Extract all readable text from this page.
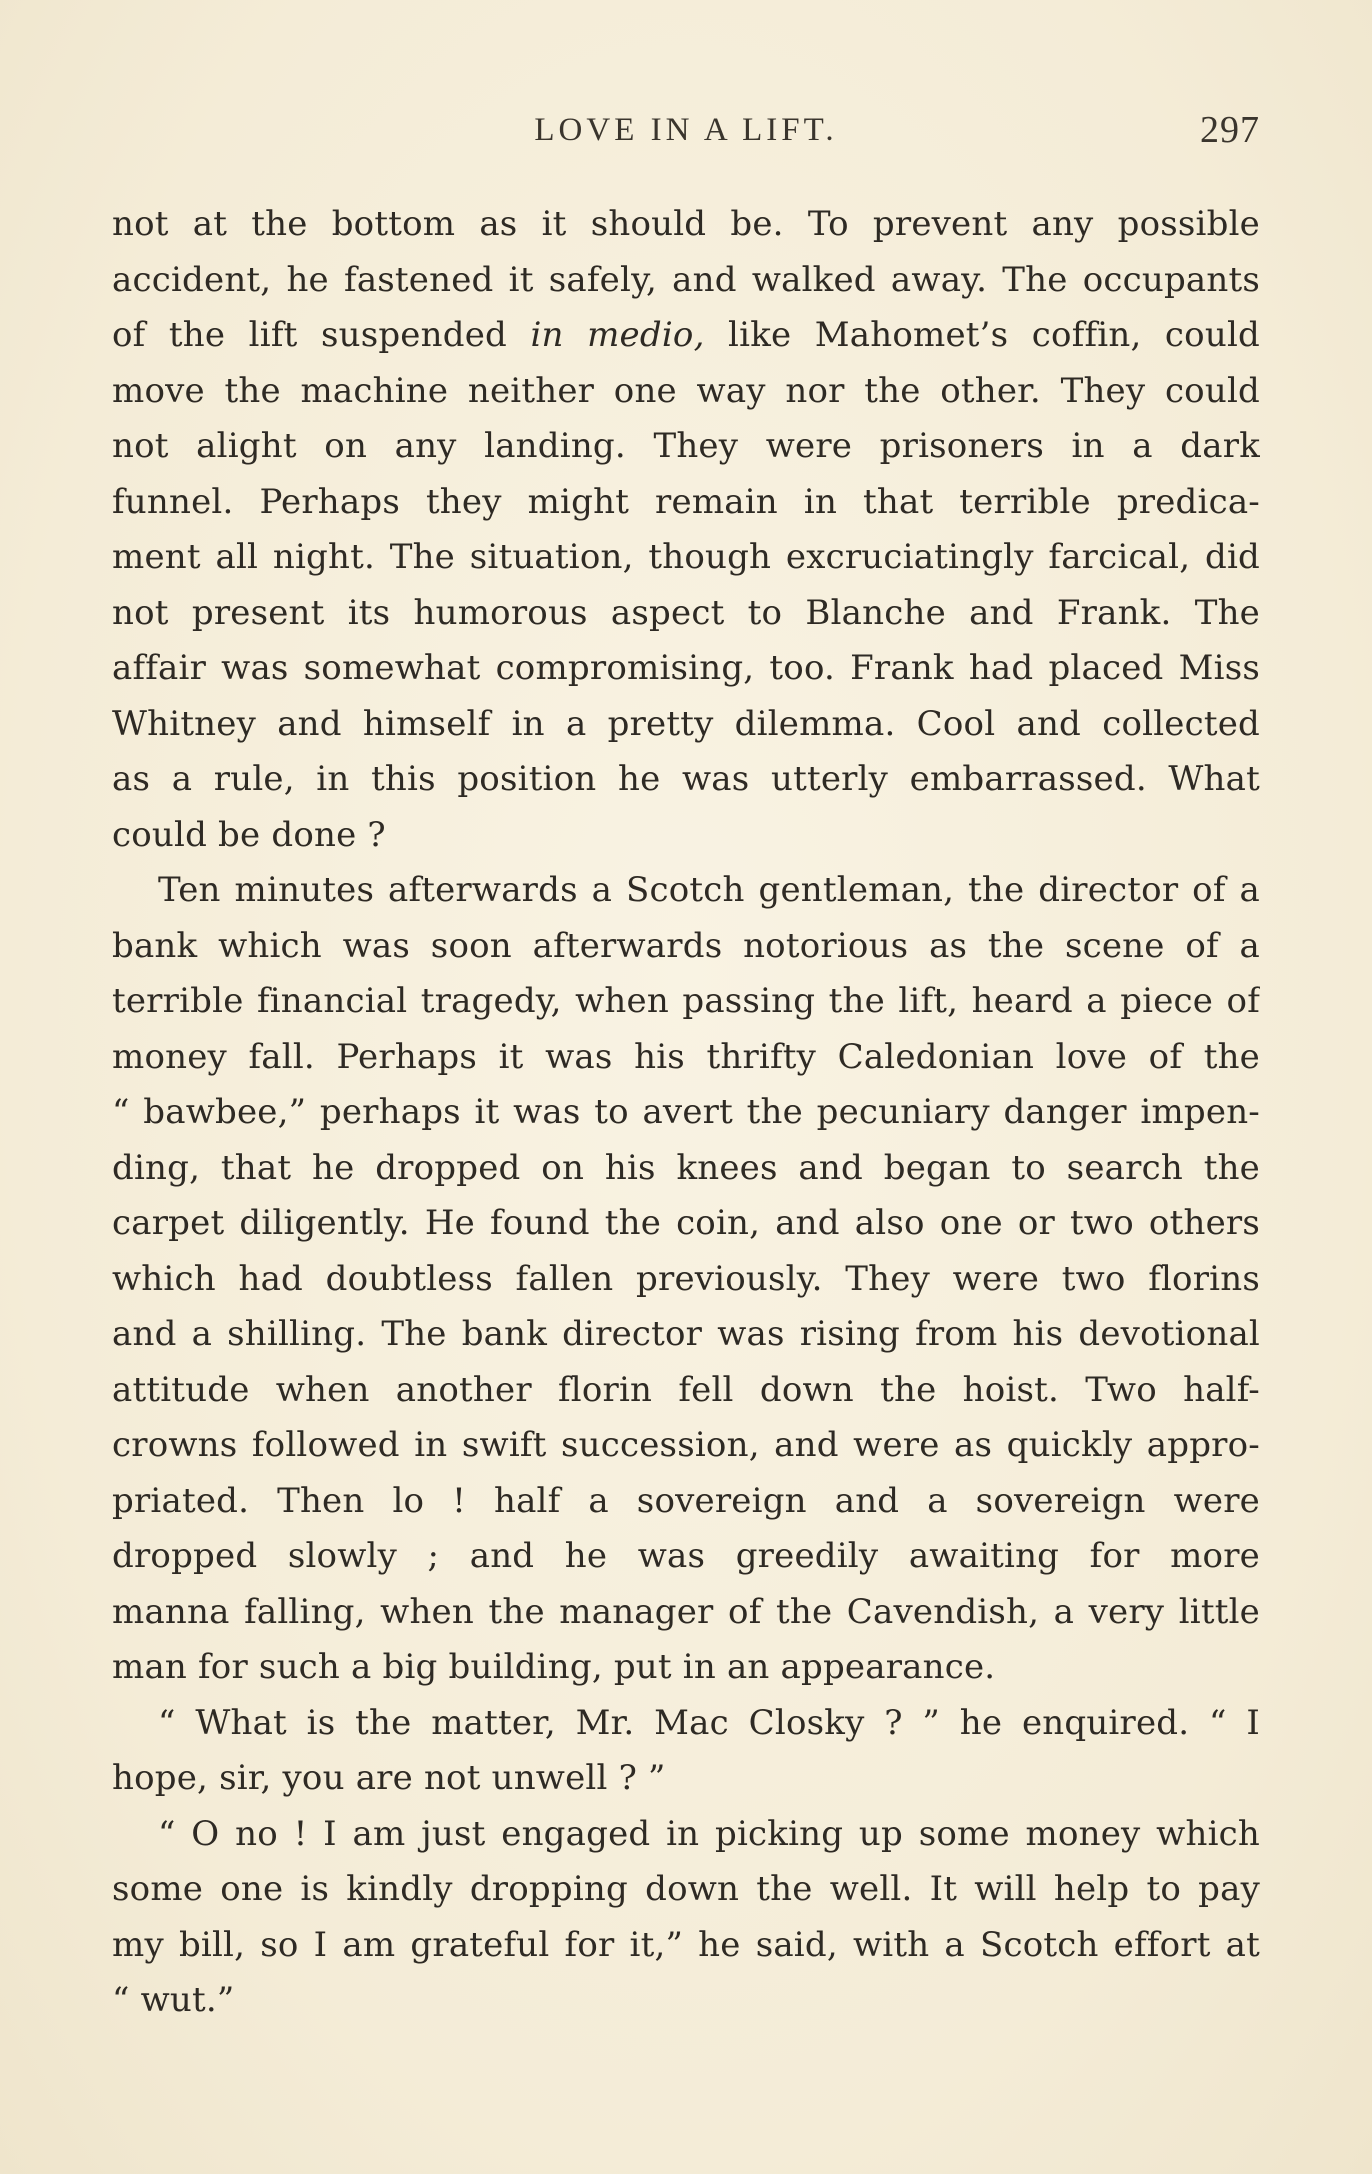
LOVE IN A LIFT.	297
not at the bottom as it should be. To prevent any possible
accident, he fastened it safely, and walked away. The occupants
of the lift suspended in medio, like Mahomet’s coffin, could
move the machine neither one way nor the other. They could
not alight on any landing. They were prisoners in a dark
funnel. Perhaps they might remain in that terrible predica-
ment all night. The situation, though excruciatingly farcical, did
not present its humorous aspect to Blanche and Frank. The
affair was somewhat compromising, too. Frank had placed Miss
Whitney and himself in a pretty dilemma. Cool and collected
as a rule, in this position he was utterly embarrassed. What
could be done ?
Ten minutes afterwards a Scotch gentleman, the director of a
bank which was soon afterwards notorious as the scene of a
terrible financial tragedy, when passing the lift, heard a piece of
money fall. Perhaps it was his thrifty Caledonian love of the
“ bawbee,” perhaps it was to avert the pecuniary danger impen-
ding, that he dropped on his knees and began to search the
carpet diligently. He found the coin, and also one or two others
which had doubtless fallen previously. They were two florins
and a shilling. The bank director was rising from his devotional
attitude when another florin fell down the hoist. Two half-
crowns followed in swift succession, and were as quickly appro-
priated. Then lo ! half a sovereign and a sovereign were
dropped slowly ; and he was greedily awaiting for more
manna falling, when the manager of the Cavendish, a very little
man for such a big building, put in an appearance.
“ What is the matter, Mr. Mac Closky ? ” he enquired. “ I
hope, sir, you are not unwell ? ”
“ O no ! I am just engaged in picking up some money which
some one is kindly dropping down the well. It will help to pay
my bill, so I am grateful for it,” he said, with a Scotch effort at
“ wut.”
